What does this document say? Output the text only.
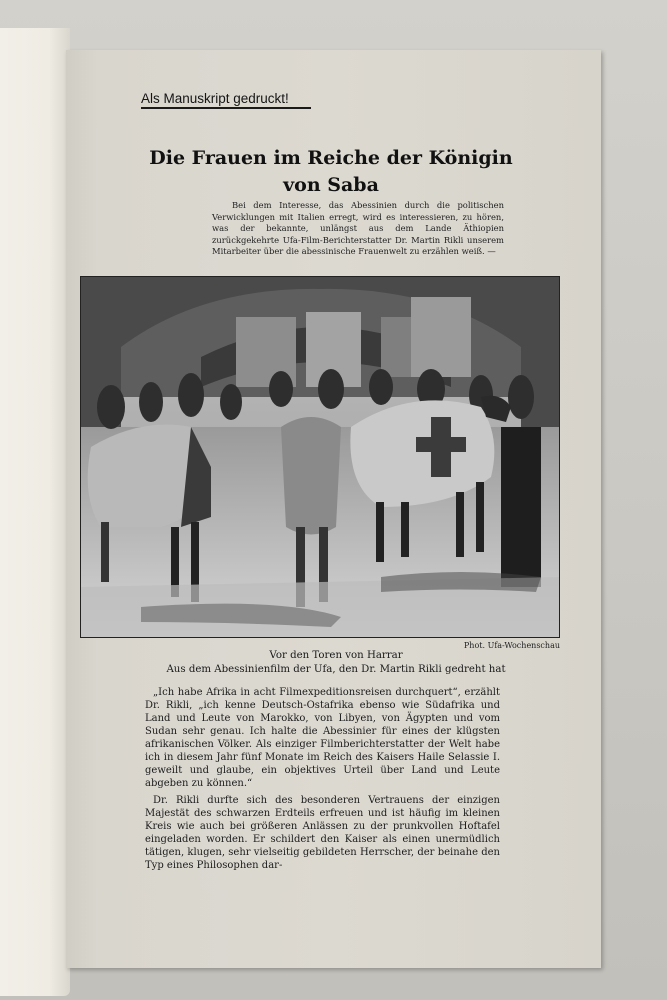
Als Manuskript gedruckt!
Die Frauen im Reiche der Königin
von Saba

Bei dem Interesse, das Abessinien durch die politischen Verwicklungen mit Italien erregt, wird es interessieren, zu hören, was der bekannte, unlängst aus dem Lande Äthiopien zurückgekehrte Ufa-Film-Berichterstatter Dr. Martin Rikli unserem Mitarbeiter über die abessinische Frauenwelt zu erzählen weiß. —

Phot. Ufa-Wochenschau
Vor den Toren von Harrar
Aus dem Abessinienfilm der Ufa, den Dr. Martin Rikli gedreht hat

„Ich habe Afrika in acht Filmexpeditionsreisen durchquert“, erzählt Dr. Rikli, „ich kenne Deutsch-Ostafrika ebenso wie Südafrika und Land und Leute von Marokko, von Libyen, von Ägypten und vom Sudan sehr genau. Ich halte die Abessinier für eines der klügsten afrikanischen Völker. Als einziger Filmberichterstatter der Welt habe ich in diesem Jahr fünf Monate im Reich des Kaisers Haile Selassie I. geweilt und glaube, ein objektives Urteil über Land und Leute abgeben zu können.“

Dr. Rikli durfte sich des besonderen Vertrauens der einzigen Majestät des schwarzen Erdteils erfreuen und ist häufig im kleinen Kreis wie auch bei größeren Anlässen zu der prunkvollen Hoftafel eingeladen worden. Er schildert den Kaiser als einen unermüdlich tätigen, klugen, sehr vielseitig gebildeten Herrscher, der beinahe den Typ eines Philosophen dar-
